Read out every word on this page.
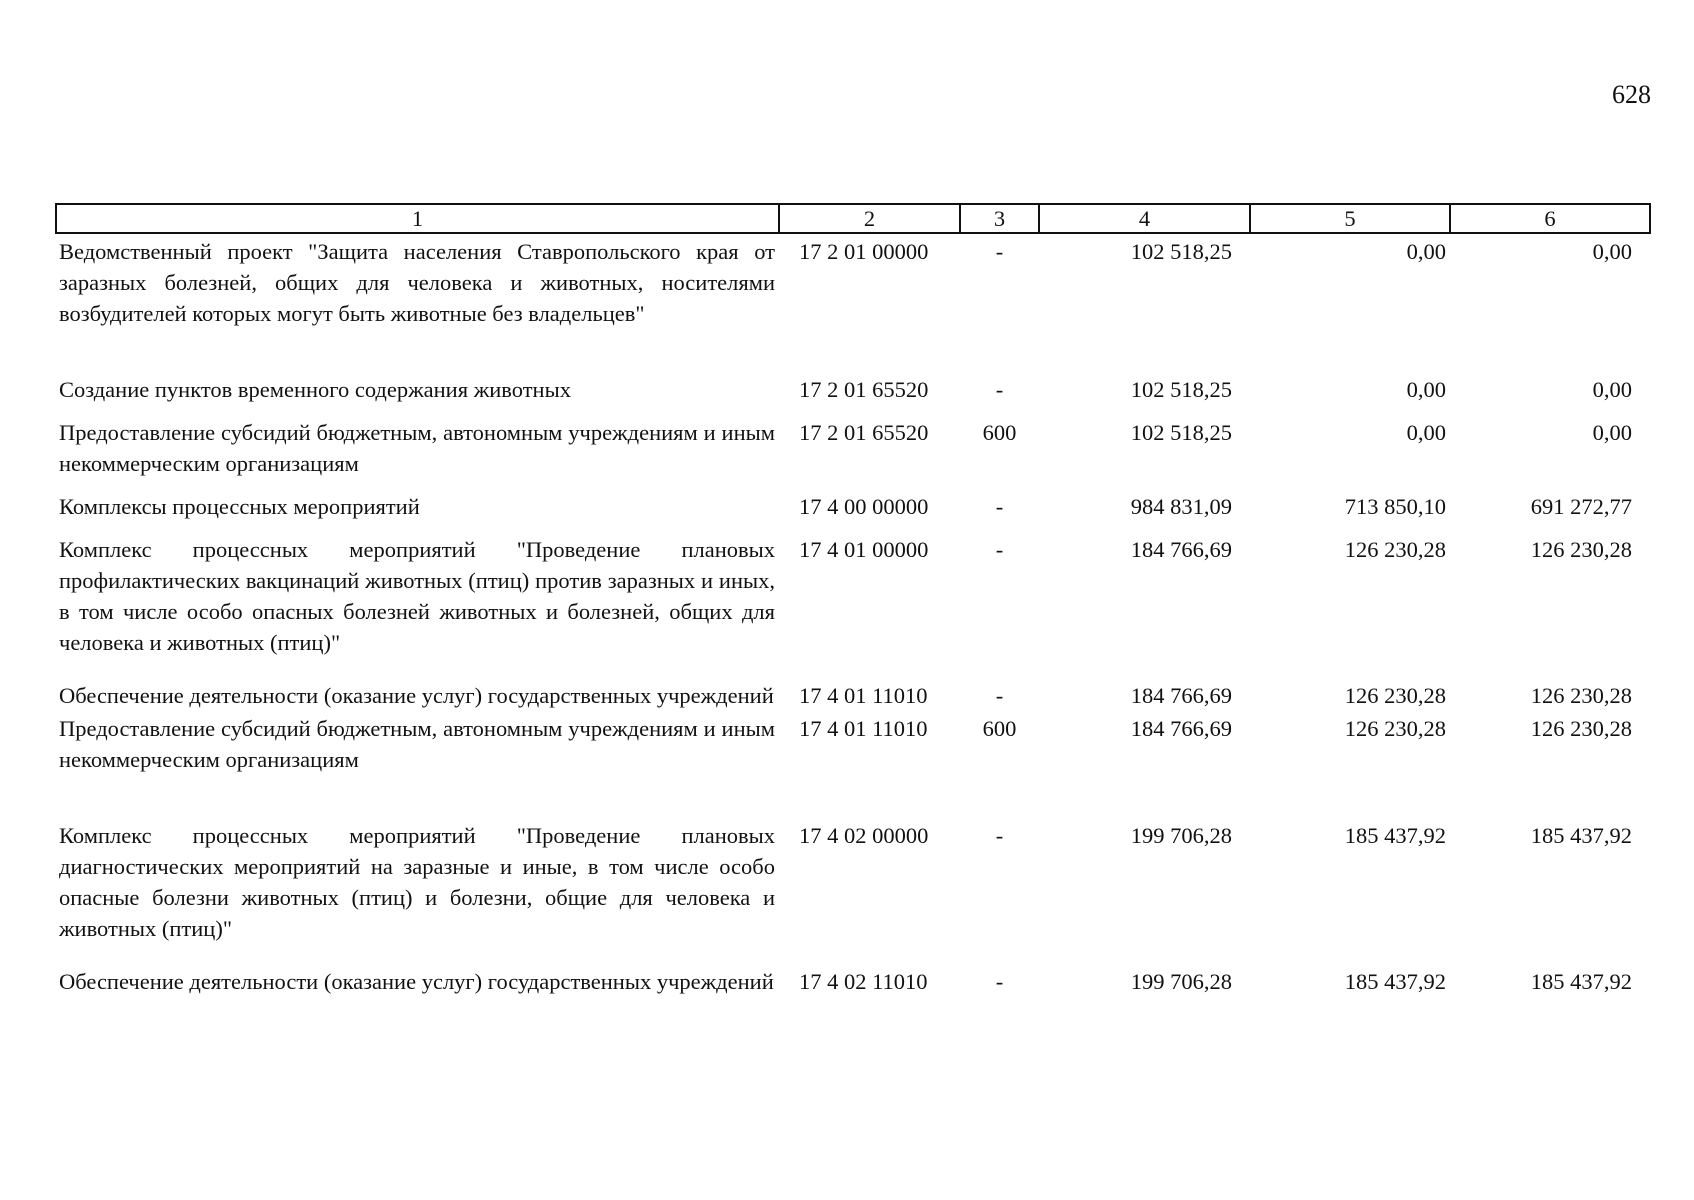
628
1	2	3	4	5	6
Ведомственный проект "Защита населения Ставропольского края от заразных болезней, общих для человека и животных, носителями возбудителей которых могут быть животные без владельцев"	17 2 01 00000	-	102 518,25	0,00	0,00
Создание пунктов временного содержания животных	17 2 01 65520	-	102 518,25	0,00	0,00
Предоставление субсидий бюджетным, автономным учреждениям и иным некоммерческим организациям	17 2 01 65520	600	102 518,25	0,00	0,00
Комплексы процессных мероприятий	17 4 00 00000	-	984 831,09	713 850,10	691 272,77
Комплекс процессных мероприятий "Проведение плановых профилактических вакцинаций животных (птиц) против заразных и иных, в том числе особо опасных болезней животных и болезней, общих для человека и животных (птиц)"	17 4 01 00000	-	184 766,69	126 230,28	126 230,28
Обеспечение деятельности (оказание услуг) государственных учреждений	17 4 01 11010	-	184 766,69	126 230,28	126 230,28
Предоставление субсидий бюджетным, автономным учреждениям и иным некоммерческим организациям	17 4 01 11010	600	184 766,69	126 230,28	126 230,28
Комплекс процессных мероприятий "Проведение плановых диагностических мероприятий на заразные и иные, в том числе особо опасные болезни животных (птиц) и болезни, общие для человека и животных (птиц)"	17 4 02 00000	-	199 706,28	185 437,92	185 437,92
Обеспечение деятельности (оказание услуг) государственных учреждений	17 4 02 11010	-	199 706,28	185 437,92	185 437,92
